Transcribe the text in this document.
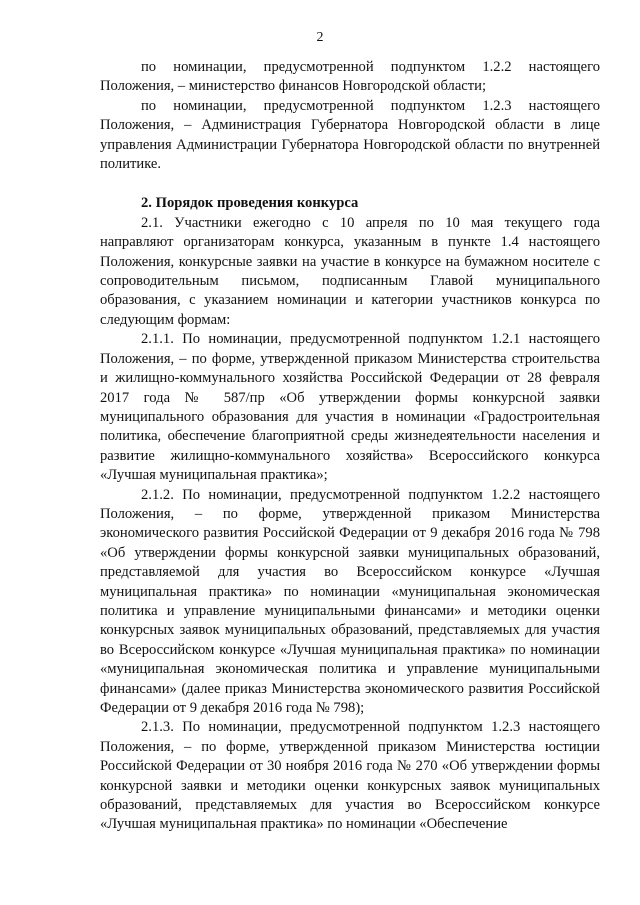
2

по номинации, предусмотренной подпунктом 1.2.2 настоящего Положения, – министерство финансов Новгородской области;

по номинации, предусмотренной подпунктом 1.2.3 настоящего Положения, – Администрация Губернатора Новгородской области в лице управления Администрации Губернатора Новгородской области по внутренней политике.

2. Порядок проведения конкурса

2.1. Участники ежегодно с 10 апреля по 10 мая текущего года направляют организаторам конкурса, указанным в пункте 1.4 настоящего Положения, конкурсные заявки на участие в конкурсе на бумажном носителе с сопроводительным письмом, подписанным Главой муниципального образования, с указанием номинации и категории участников конкурса по следующим формам:

2.1.1. По номинации, предусмотренной подпунктом 1.2.1 настоящего Положения, – по форме, утвержденной приказом Министерства строительства и жилищно-коммунального хозяйства Российской Федерации от 28 февраля 2017 года № 587/пр «Об утверждении формы конкурсной заявки муниципального образования для участия в номинации «Градостроительная политика, обеспечение благоприятной среды жизнедеятельности населения и развитие жилищно-коммунального хозяйства» Всероссийского конкурса «Лучшая муниципальная практика»;

2.1.2. По номинации, предусмотренной подпунктом 1.2.2 настоящего Положения, – по форме, утвержденной приказом Министерства экономического развития Российской Федерации от 9 декабря 2016 года № 798 «Об утверждении формы конкурсной заявки муниципальных образований, представляемой для участия во Всероссийском конкурсе «Лучшая муниципальная практика» по номинации «муниципальная экономическая политика и управление муниципальными финансами» и методики оценки конкурсных заявок муниципальных образований, представляемых для участия во Всероссийском конкурсе «Лучшая муниципальная практика» по номинации «муниципальная экономическая политика и управление муниципальными финансами» (далее приказ Министерства экономического развития Российской Федерации от 9 декабря 2016 года № 798);

2.1.3. По номинации, предусмотренной подпунктом 1.2.3 настоящего Положения, – по форме, утвержденной приказом Министерства юстиции Российской Федерации от 30 ноября 2016 года № 270 «Об утверждении формы конкурсной заявки и методики оценки конкурсных заявок муниципальных образований, представляемых для участия во Всероссийском конкурсе «Лучшая муниципальная практика» по номинации «Обеспечение
